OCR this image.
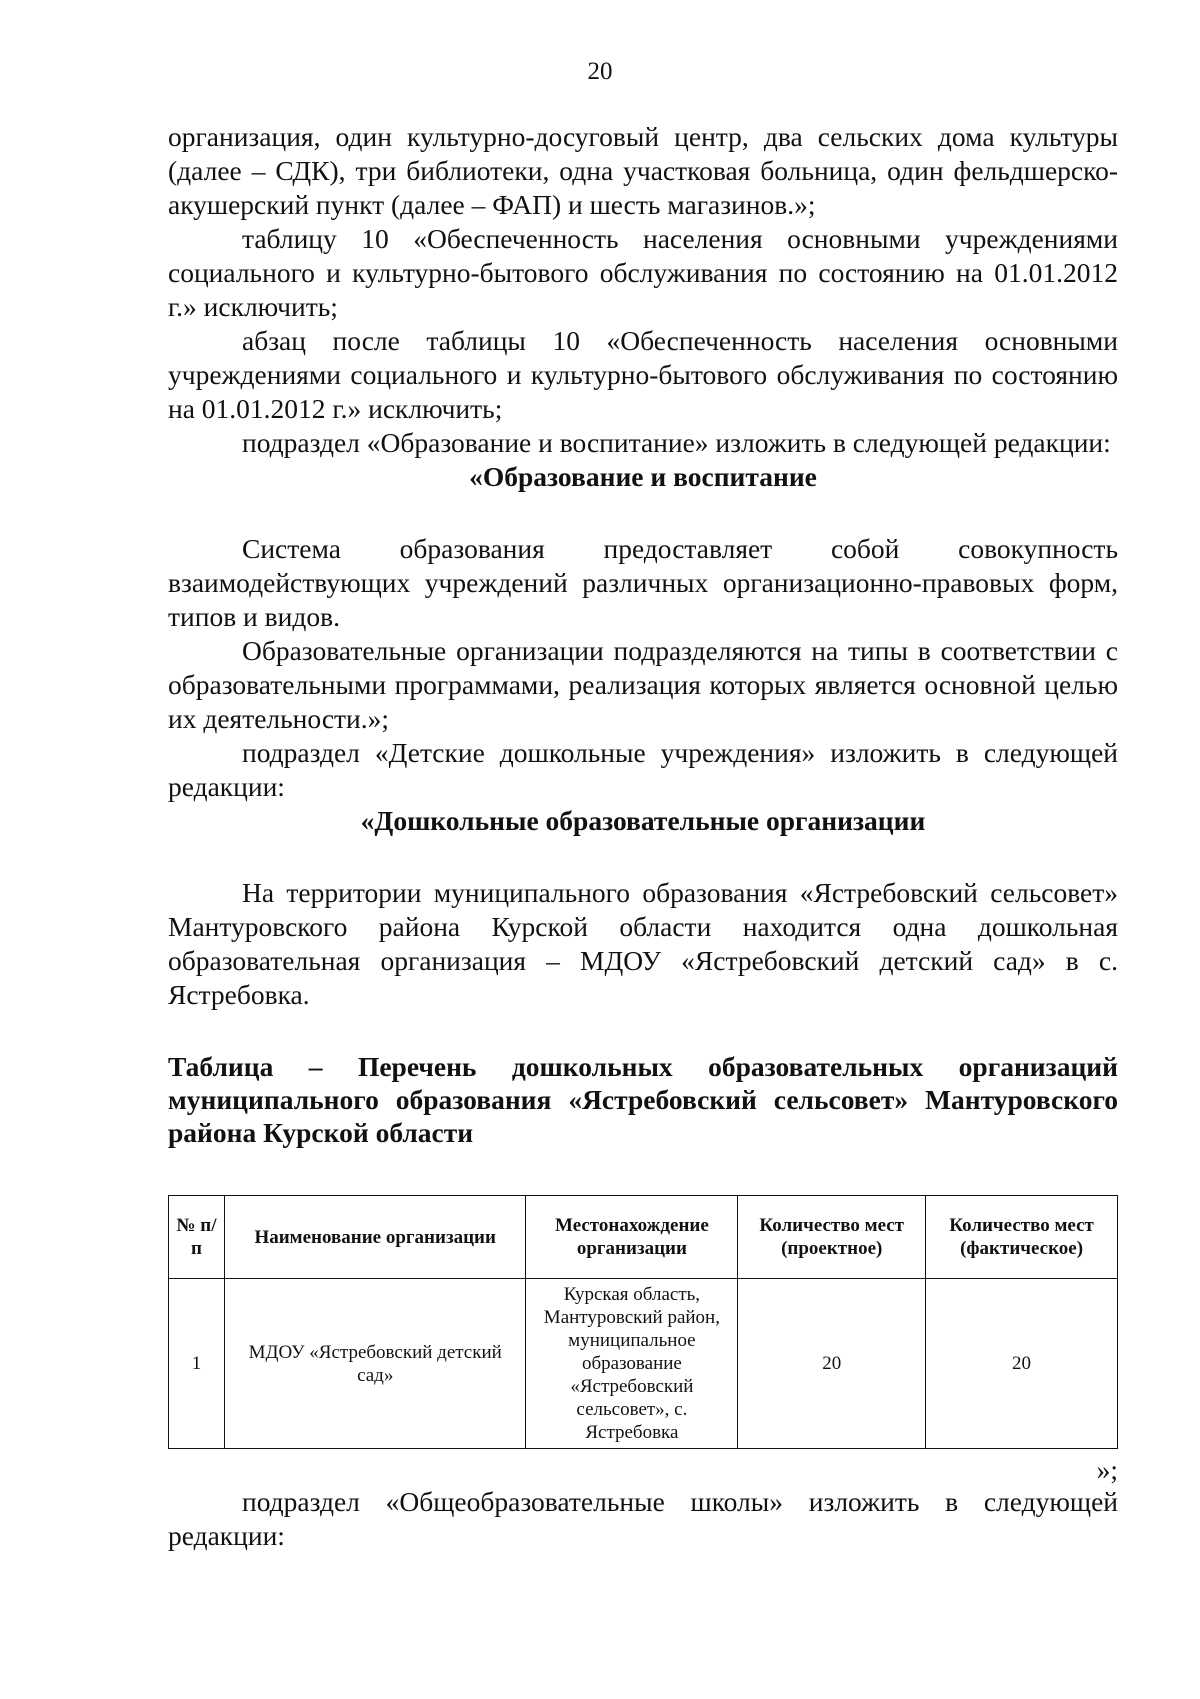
20

организация, один культурно-досуговый центр, два сельских дома культуры (далее – СДК), три библиотеки, одна участковая больница, один фельдшерско-акушерский пункт (далее – ФАП) и шесть магазинов.»;

таблицу 10 «Обеспеченность населения основными учреждениями социального и культурно-бытового обслуживания по состоянию на 01.01.2012 г.» исключить;

абзац после таблицы 10 «Обеспеченность населения основными учреждениями социального и культурно-бытового обслуживания по состоянию на 01.01.2012 г.» исключить;

подраздел «Образование и воспитание» изложить в следующей редакции:

«Образование и воспитание

Система образования предоставляет собой совокупность взаимодействующих учреждений различных организационно-правовых форм, типов и видов.

Образовательные организации подразделяются на типы в соответствии с образовательными программами, реализация которых является основной целью их деятельности.»;

подраздел «Детские дошкольные учреждения» изложить в следующей редакции:

«Дошкольные образовательные организации

На территории муниципального образования «Ястребовский сельсовет» Мантуровского района Курской области находится одна дошкольная образовательная организация – МДОУ «Ястребовский детский сад» в с. Ястребовка.

Таблица – Перечень дошкольных образовательных организаций муниципального образования «Ястребовский сельсовет» Мантуровского района Курской области

№ п/п	Наименование организации	Местонахождение организации	Количество мест (проектное)	Количество мест (фактическое)
1	МДОУ «Ястребовский детский сад»	Курская область, Мантуровский район, муниципальное образование «Ястребовский сельсовет», с. Ястребовка	20	20

»;

подраздел «Общеобразовательные школы» изложить в следующей редакции:
